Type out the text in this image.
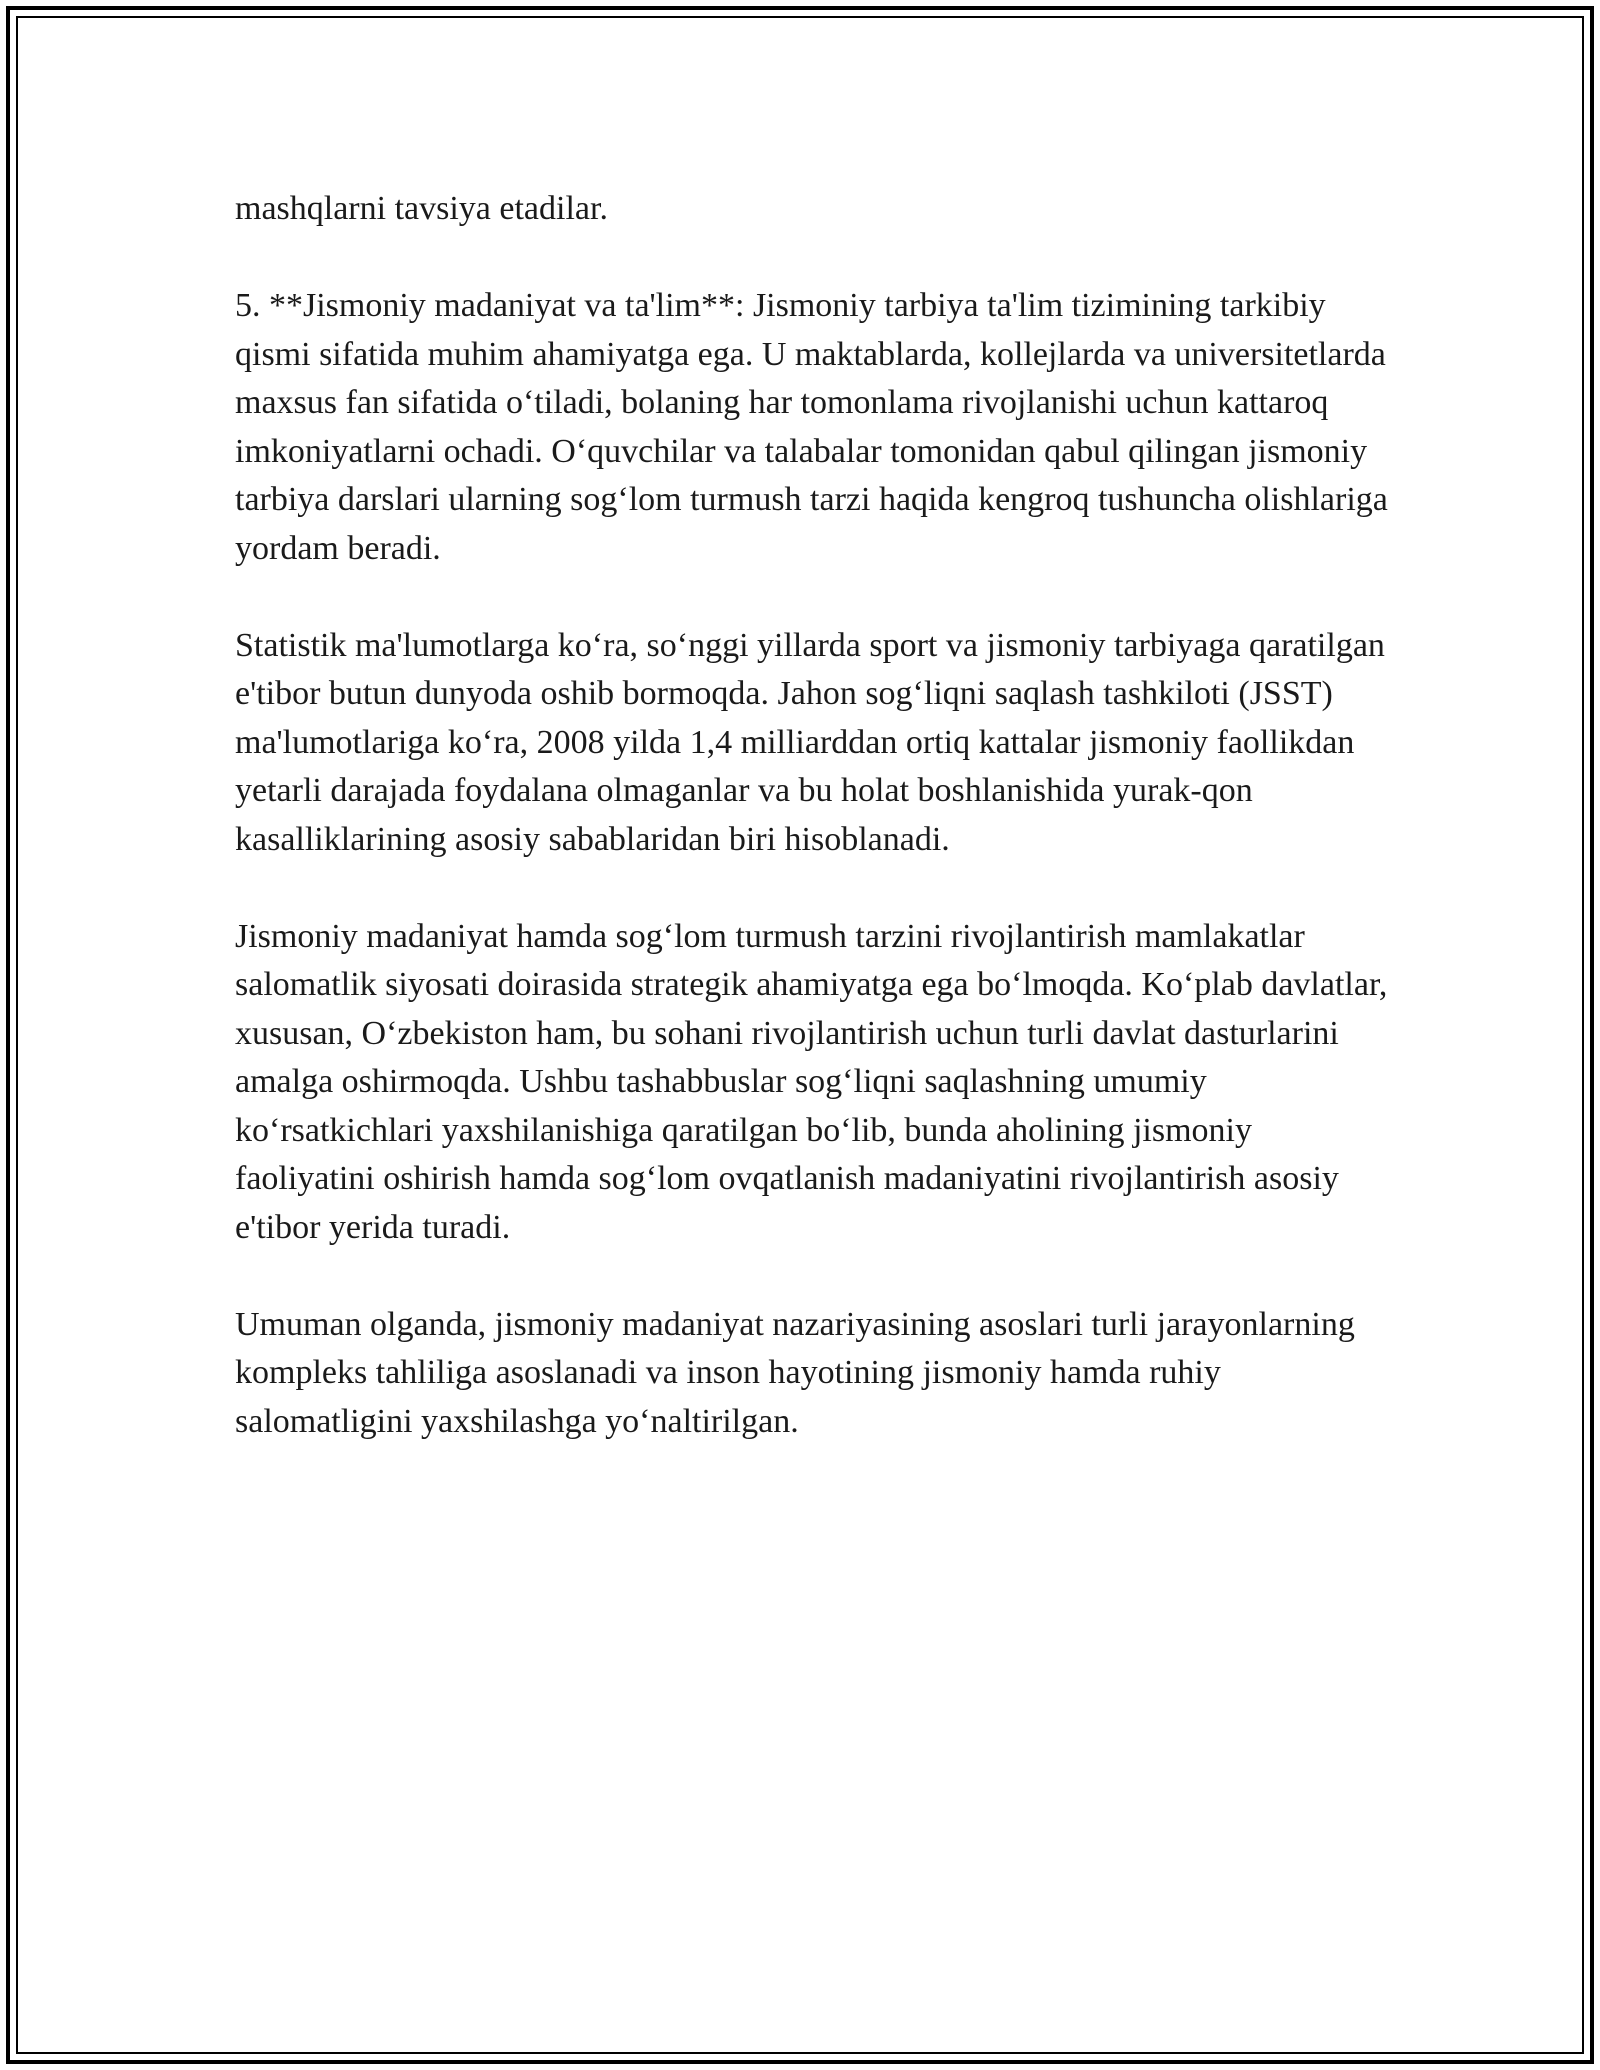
mashqlarni tavsiya etadilar.

5. **Jismoniy madaniyat va ta'lim**: Jismoniy tarbiya ta'lim tizimining tarkibiy qismi sifatida muhim ahamiyatga ega. U maktablarda, kollejlarda va universitetlarda maxsus fan sifatida o‘tiladi, bolaning har tomonlama rivojlanishi uchun kattaroq imkoniyatlarni ochadi. O‘quvchilar va talabalar tomonidan qabul qilingan jismoniy tarbiya darslari ularning sog‘lom turmush tarzi haqida kengroq tushuncha olishlariga yordam beradi.

Statistik ma'lumotlarga ko‘ra, so‘nggi yillarda sport va jismoniy tarbiyaga qaratilgan e'tibor butun dunyoda oshib bormoqda. Jahon sog‘liqni saqlash tashkiloti (JSST) ma'lumotlariga ko‘ra, 2008 yilda 1,4 milliarddan ortiq kattalar jismoniy faollikdan yetarli darajada foydalana olmaganlar va bu holat boshlanishida yurak-qon kasalliklarining asosiy sabablaridan biri hisoblanadi.

Jismoniy madaniyat hamda sog‘lom turmush tarzini rivojlantirish mamlakatlar salomatlik siyosati doirasida strategik ahamiyatga ega bo‘lmoqda. Ko‘plab davlatlar, xususan, O‘zbekiston ham, bu sohani rivojlantirish uchun turli davlat dasturlarini amalga oshirmoqda. Ushbu tashabbuslar sog‘liqni saqlashning umumiy ko‘rsatkichlari yaxshilanishiga qaratilgan bo‘lib, bunda aholining jismoniy faoliyatini oshirish hamda sog‘lom ovqatlanish madaniyatini rivojlantirish asosiy e'tibor yerida turadi.

Umuman olganda, jismoniy madaniyat nazariyasining asoslari turli jarayonlarning kompleks tahliliga asoslanadi va inson hayotining jismoniy hamda ruhiy salomatligini yaxshilashga yo‘naltirilgan.
